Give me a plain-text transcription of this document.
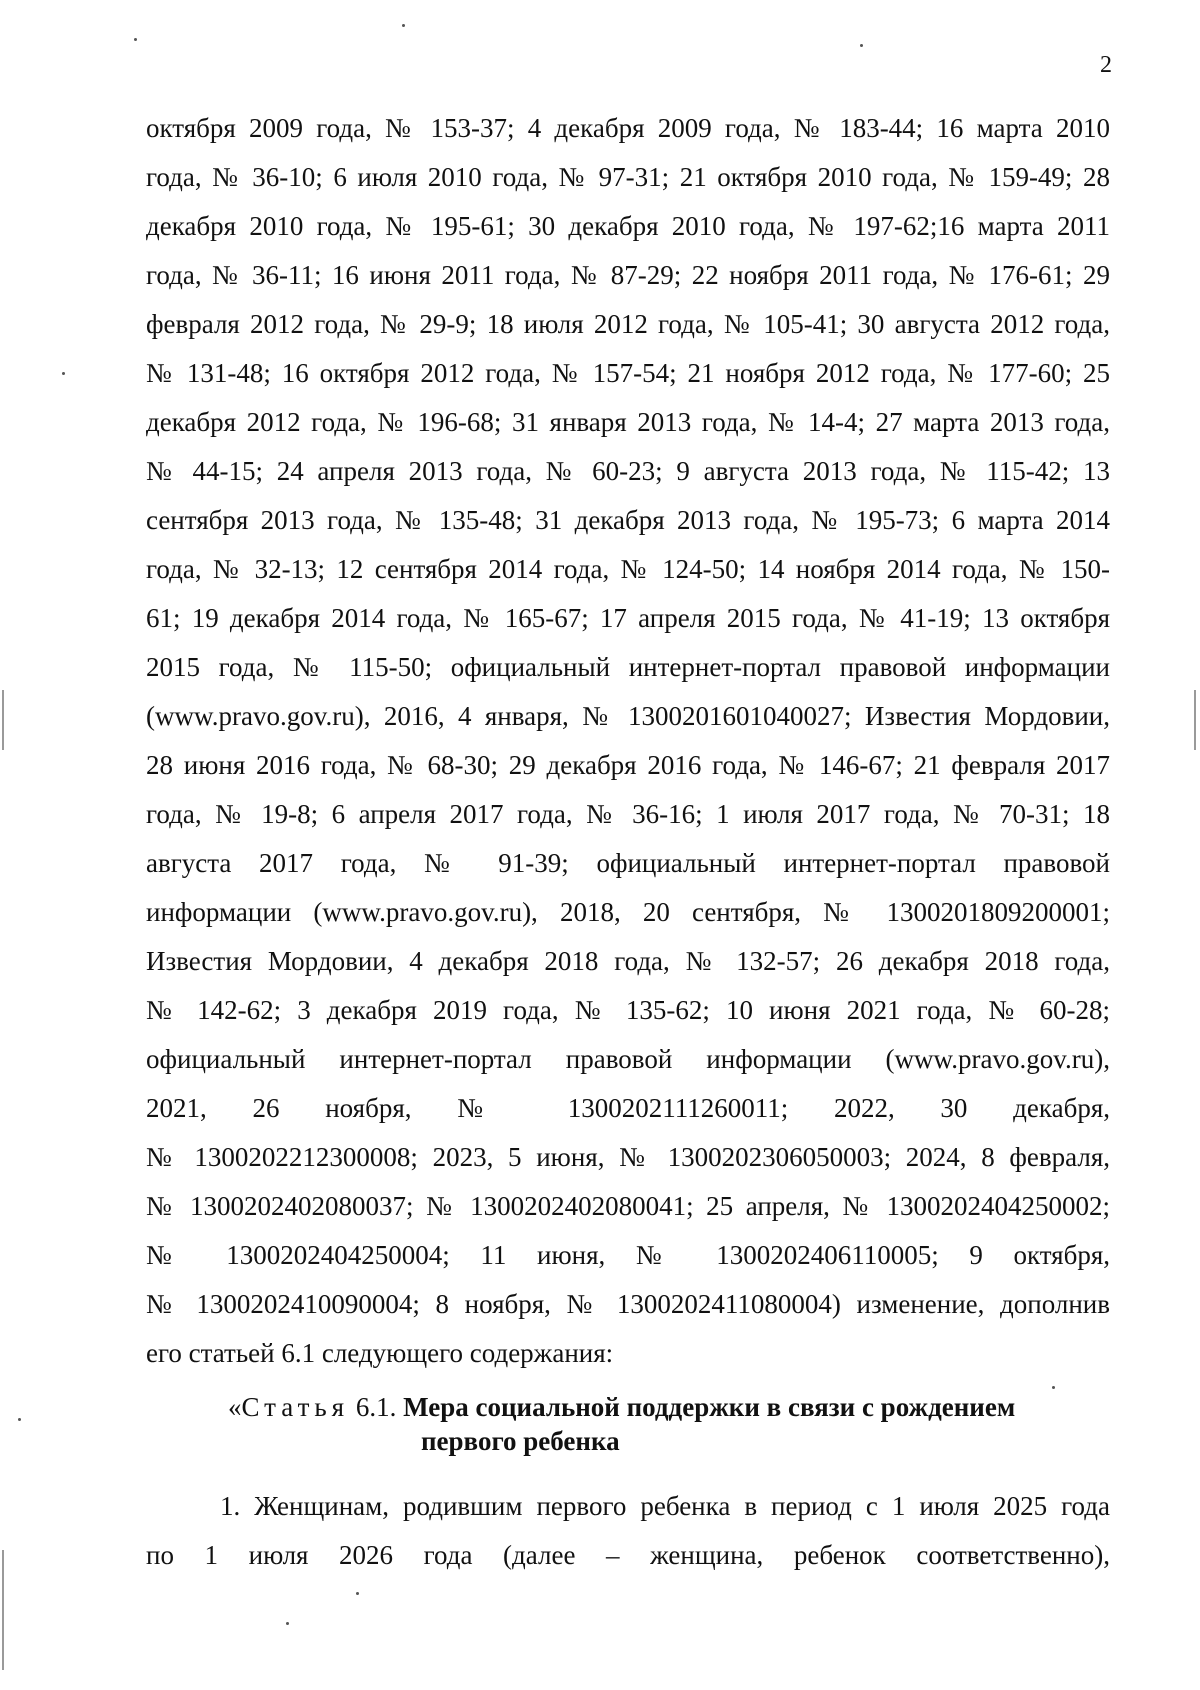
2
октября 2009 года, № 153-37; 4 декабря 2009 года, № 183-44; 16 марта 2010
года, № 36-10; 6 июля 2010 года, № 97-31; 21 октября 2010 года, № 159-49; 28
декабря 2010 года, № 195-61; 30 декабря 2010 года, № 197-62;16 марта 2011
года, № 36-11; 16 июня 2011 года, № 87-29; 22 ноября 2011 года, № 176-61; 29
февраля 2012 года, № 29-9; 18 июля 2012 года, № 105-41; 30 августа 2012 года,
№ 131-48; 16 октября 2012 года, № 157-54; 21 ноября 2012 года, № 177-60; 25
декабря 2012 года, № 196-68; 31 января 2013 года, № 14-4; 27 марта 2013 года,
№ 44-15; 24 апреля 2013 года, № 60-23; 9 августа 2013 года, № 115-42; 13
сентября 2013 года, № 135-48; 31 декабря 2013 года, № 195-73; 6 марта 2014
года, № 32-13; 12 сентября 2014 года, № 124-50; 14 ноября 2014 года, № 150-
61; 19 декабря 2014 года, № 165-67; 17 апреля 2015 года, № 41-19; 13 октября
2015 года, № 115-50; официальный интернет-портал правовой информации
(www.pravo.gov.ru), 2016, 4 января, № 1300201601040027; Известия Мордовии,
28 июня 2016 года, № 68-30; 29 декабря 2016 года, № 146-67; 21 февраля 2017
года, № 19-8; 6 апреля 2017 года, № 36-16; 1 июля 2017 года, № 70-31; 18
августа 2017 года, № 91-39; официальный интернет-портал правовой
информации (www.pravo.gov.ru), 2018, 20 сентября, № 1300201809200001;
Известия Мордовии, 4 декабря 2018 года, № 132-57; 26 декабря 2018 года,
№ 142-62; 3 декабря 2019 года, № 135-62; 10 июня 2021 года, № 60-28;
официальный интернет-портал правовой информации (www.pravo.gov.ru),
2021, 26 ноября, № 1300202111260011; 2022, 30 декабря,
№ 1300202212300008; 2023, 5 июня, № 1300202306050003; 2024, 8 февраля,
№ 1300202402080037; № 1300202402080041; 25 апреля, № 1300202404250002;
№ 1300202404250004; 11 июня, № 1300202406110005; 9 октября,
№ 1300202410090004; 8 ноября, № 1300202411080004) изменение, дополнив
его статьей 6.1 следующего содержания:
«Статья 6.1. Мера социальной поддержки в связи с рождением
первого ребенка
1. Женщинам, родившим первого ребенка в период с 1 июля 2025 года
по 1 июля 2026 года (далее – женщина, ребенок соответственно),
